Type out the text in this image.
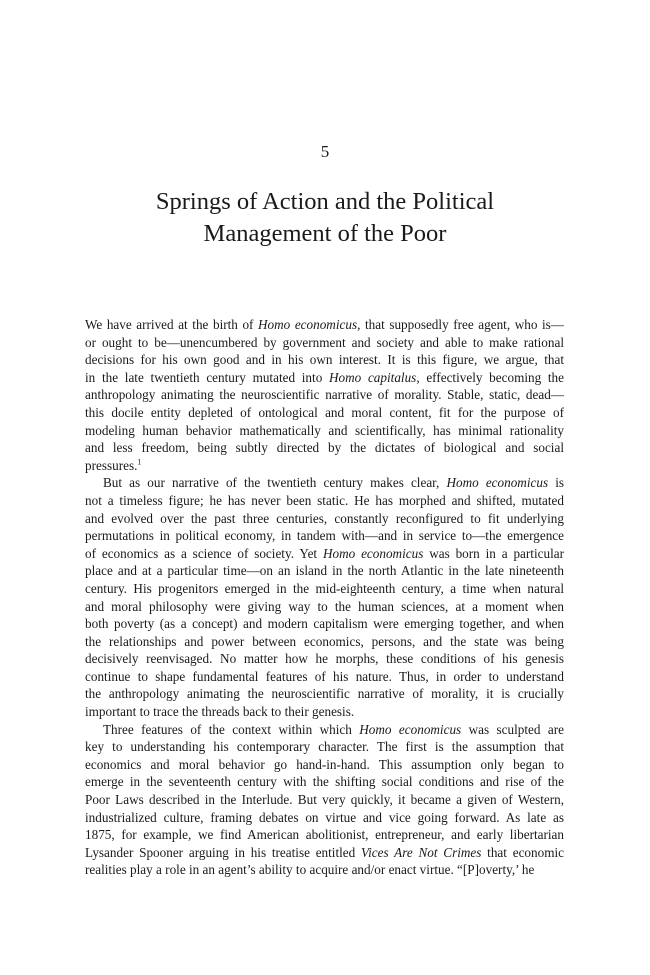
5
Springs of Action and the Political
Management of the Poor
We have arrived at the birth of Homo economicus, that supposedly free agent, who is—
or ought to be—unencumbered by government and society and able to make rational
decisions for his own good and in his own interest. It is this figure, we argue, that
in the late twentieth century mutated into Homo capitalus, effectively becoming the
anthropology animating the neuroscientific narrative of morality. Stable, static, dead—
this docile entity depleted of ontological and moral content, fit for the purpose of
modeling human behavior mathematically and scientifically, has minimal rationality
and less freedom, being subtly directed by the dictates of biological and social
pressures.$^1$
But as our narrative of the twentieth century makes clear, Homo economicus is
not a timeless figure; he has never been static. He has morphed and shifted, mutated
and evolved over the past three centuries, constantly reconfigured to fit underlying
permutations in political economy, in tandem with—and in service to—the emergence
of economics as a science of society. Yet Homo economicus was born in a particular
place and at a particular time—on an island in the north Atlantic in the late nineteenth
century. His progenitors emerged in the mid-eighteenth century, a time when natural
and moral philosophy were giving way to the human sciences, at a moment when
both poverty (as a concept) and modern capitalism were emerging together, and when
the relationships and power between economics, persons, and the state was being
decisively reenvisaged. No matter how he morphs, these conditions of his genesis
continue to shape fundamental features of his nature. Thus, in order to understand
the anthropology animating the neuroscientific narrative of morality, it is crucially
important to trace the threads back to their genesis.
Three features of the context within which Homo economicus was sculpted are
key to understanding his contemporary character. The first is the assumption that
economics and moral behavior go hand-in-hand. This assumption only began to
emerge in the seventeenth century with the shifting social conditions and rise of the
Poor Laws described in the Interlude. But very quickly, it became a given of Western,
industrialized culture, framing debates on virtue and vice going forward. As late as
1875, for example, we find American abolitionist, entrepreneur, and early libertarian
Lysander Spooner arguing in his treatise entitled Vices Are Not Crimes that economic
realities play a role in an agent’s ability to acquire and/or enact virtue. “[P]overty,’ he
